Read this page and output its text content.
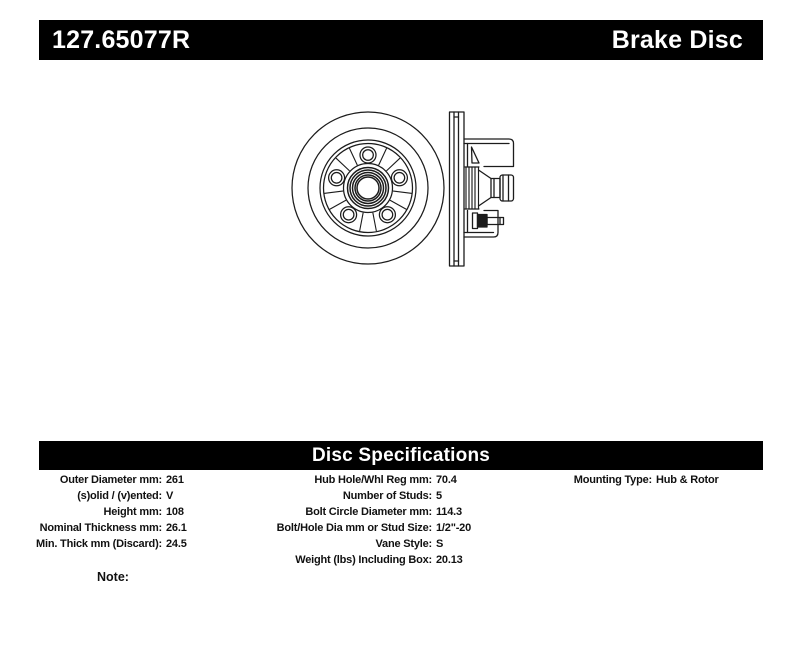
127.65077R	Brake Disc
Disc Specifications
Outer Diameter mm: 261
(s)olid / (v)ented: V
Height mm: 108
Nominal Thickness mm: 26.1
Min. Thick mm (Discard): 24.5
Hub Hole/Whl Reg mm: 70.4
Number of Studs: 5
Bolt Circle Diameter mm: 114.3
Bolt/Hole Dia mm or Stud Size: 1/2"-20
Vane Style: S
Weight (lbs) Including Box: 20.13
Mounting Type: Hub & Rotor
Note:
